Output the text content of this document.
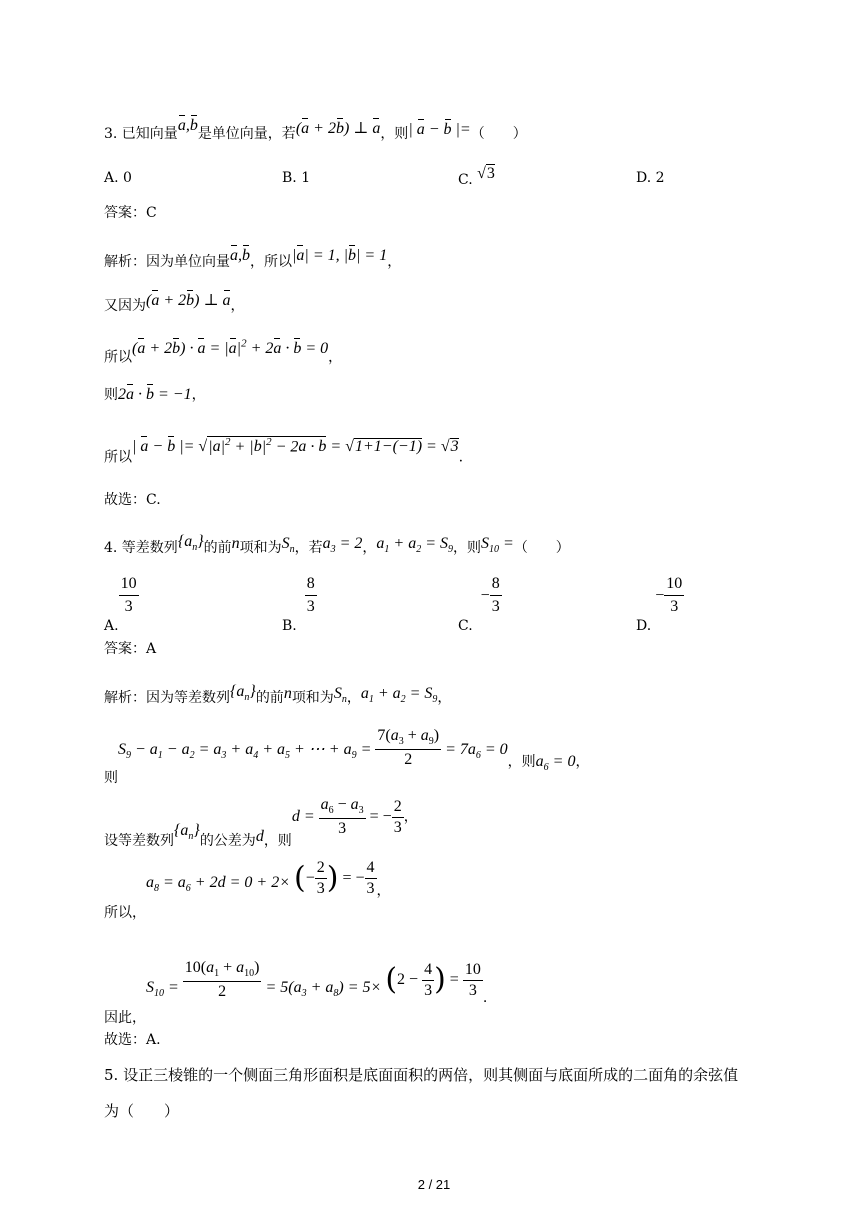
3. 已知向量a,b是单位向量，若(a + 2b) ⊥ a，则| a − b |=（　　）
A. 0	B. 1	C. √3	D. 2
答案：C
解析：因为单位向量a,b，所以|a| = 1, |b| = 1，
又因为(a + 2b) ⊥ a，
所以$(a + 2b) \cdot a = |a|^2 + 2a \cdot b = 0$，
则2a · b = −1，
所以| a − b |= $√|a|^2 + |b|^2 - 2a \cdot b = √1+1-(-1) = √3$.
故选：C.
4. 等差数列$\{a_n\}$的前n项和为$S_n$，若$a_3 = 2$，$a_1 + a_2 = S_9$，则$S_{10}$ =（　　）
A.
$\frac{10}{3}$
B.
$\frac{8}{3}$
$C.- \frac{8}{3}$
$D.- \frac{10}{3}$
答案：A
解析：因为等差数列$\{a_n\}$的前n项和为$S_n$，$a_1 + a_2 = S_9$，
则$S_9 - a_1 - a_2 = a_3 + a_4 + a_5$ + ⋯ + $a_9 = \frac{7(a_3 + a_9)}{2} = 7a_6 = 0$，则$a_6 = 0$，
设等差数列$\{a_n\}$的公差为d，则$d = \frac{a_6 - a_3}{3}$ = − $\frac{2}{3}$ ，
所以，$a_8 = a_6 + 2d = 0 + 2\times$ (− $\frac{2}{3}$ ) = − $\frac{4}{3}$ ，
因此，$S_{10} = \frac{10(a_1 + a_{10})}{2} = 5(a_3 + a_8) = 5\times (2 - \frac{4}{3}$ ) = $\frac{10}{3}$ .
故选：A.
5. 设正三棱锥的一个侧面三角形面积是底面面积的两倍，则其侧面与底面所成的二面角的余弦值
为（　　）
2 / 21
